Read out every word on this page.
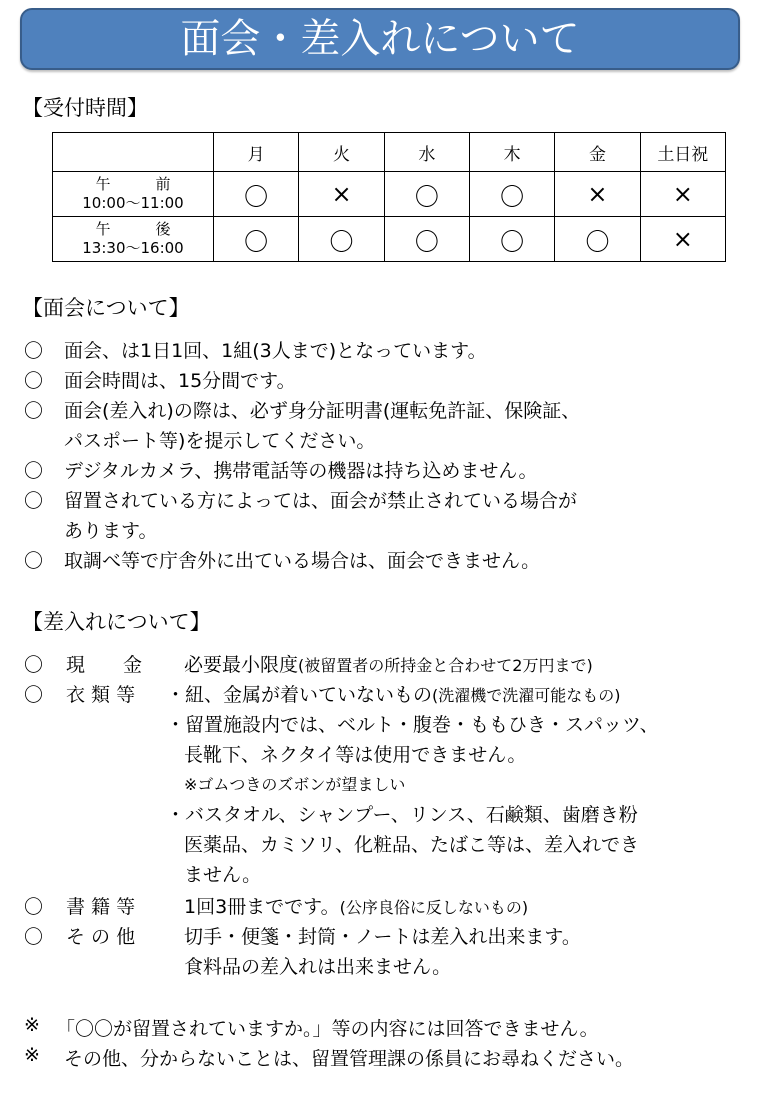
面会・差入れについて
【受付時間】
	月	火	水	木	金	土日祝

午　　　前
10:00〜11:00	〇	×	〇	〇	×	×

午　　　後
13:30〜16:00	〇	〇	〇	〇	〇	×
【面会について】
〇 面会、は1日1回、1組(3人まで)となっています。
〇 面会時間は、15分間です。
〇 面会(差入れ)の際は、必ず身分証明書(運転免許証、保険証、
パスポート等)を提示してください。
〇 デジタルカメラ、携帯電話等の機器は持ち込めません。
〇 留置されている方によっては、面会が禁止されている場合が
あります。
〇 取調べ等で庁舎外に出ている場合は、面会できません。
【差入れについて】
〇 現　　金	必要最小限度(被留置者の所持金と合わせて2万円まで)
〇 衣 類 等	・紐、金属が着いていないもの(洗濯機で洗濯可能なもの)
・留置施設内では、ベルト・腹巻・ももひき・スパッツ、
長靴下、ネクタイ等は使用できません。
※ゴムつきのズボンが望ましい
・バスタオル、シャンプー、リンス、石鹸類、歯磨き粉
医薬品、カミソリ、化粧品、たばこ等は、差入れでき
ません。
〇 書 籍 等	1回3冊までです。(公序良俗に反しないもの)
〇 そ の 他	切手・便箋・封筒・ノートは差入れ出来ます。
食料品の差入れは出来ません。
※ 「〇〇が留置されていますか。」等の内容には回答できません。
※ その他、分からないことは、留置管理課の係員にお尋ねください。
